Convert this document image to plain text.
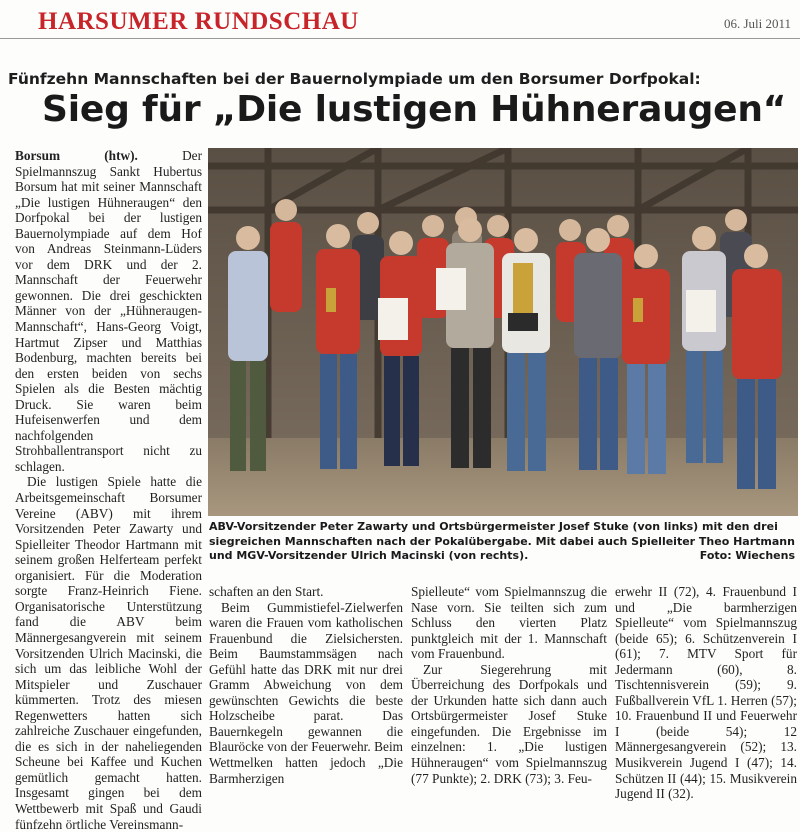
HARSUMER RUNDSCHAU	06. Juli 2011
Fünfzehn Mannschaften bei der Bauernolympiade um den Borsumer Dorfpokal:
Sieg für „Die lustigen Hühneraugen“

Borsum (htw).	Der Spielmannszug Sankt Hubertus Borsum hat mit seiner Mannschaft „Die lustigen Hühneraugen“ den Dorfpokal bei der lustigen Bauernolympiade auf dem Hof von Andreas Steinmann-Lüders vor dem DRK und der 2. Mannschaft der Feuerwehr gewonnen. Die drei geschickten Männer von der „Hühneraugen-Mannschaft“, Hans-Georg Voigt, Hartmut Zipser und Matthias Bodenburg, machten bereits bei den ersten beiden von sechs Spielen als die Besten mächtig Druck. Sie waren beim Hufeisenwerfen und dem nachfolgenden Strohballentransport nicht zu schlagen.

Die lustigen Spiele hatte die Arbeitsgemeinschaft Borsumer Vereine (ABV) mit ihrem Vorsitzenden Peter Zawarty und Spielleiter Theodor Hartmann mit seinem großen Helferteam perfekt organisiert. Für die Moderation sorgte Franz-Heinrich Fiene. Organisatorische Unterstützung fand die ABV beim Männergesangverein mit seinem Vorsitzenden Ulrich Macinski, die sich um das leibliche Wohl der Mitspieler und Zuschauer kümmerten. Trotz des miesen Regenwetters hatten sich zahlreiche Zuschauer eingefunden, die es sich in der naheliegenden Scheune bei Kaffee und Kuchen gemütlich gemacht hatten. Insgesamt gingen bei dem Wettbewerb mit Spaß und Gaudi fünfzehn örtliche Vereinsmann-

ABV-Vorsitzender Peter Zawarty und Ortsbürgermeister Josef Stuke (von links) mit den drei siegreichen Mannschaften nach der Pokalübergabe. Mit dabei auch Spielleiter Theo Hartmann und MGV-Vorsitzender Ulrich Macinski (von rechts).	Foto: Wiechens

schaften an den Start.

Beim Gummistiefel-Zielwerfen waren die Frauen vom katholischen Frauenbund die Zielsichersten. Beim Baumstammsägen nach Gefühl hatte das DRK mit nur drei Gramm Abweichung von dem gewünschten Gewichts die beste Holzscheibe parat. Das Bauernkegeln gewannen die Blauröcke von der Feuerwehr. Beim Wettmelken hatten jedoch „Die Barmherzigen

Spielleute“ vom Spielmannszug die Nase vorn. Sie teilten sich zum Schluss den vierten Platz punktgleich mit der 1. Mannschaft vom Frauenbund.

Zur Siegerehrung mit Überreichung des Dorfpokals und der Urkunden hatte sich dann auch Ortsbürgermeister Josef Stuke eingefunden. Die Ergebnisse im einzelnen: 1. „Die lustigen Hühneraugen“ vom Spielmannszug (77 Punkte); 2. DRK (73); 3. Feu-

erwehr II (72), 4. Frauenbund I und „Die barmherzigen Spielleute“ vom Spielmannszug (beide 65); 6. Schützenverein I (61); 7. MTV Sport für Jedermann (60), 8. Tischtennisverein (59); 9. Fußballverein VfL 1. Herren (57); 10. Frauenbund II und Feuerwehr I (beide 54); 12 Männergesangverein (52); 13. Musikverein Jugend I (47); 14. Schützen II (44); 15. Musikverein Jugend II (32).
